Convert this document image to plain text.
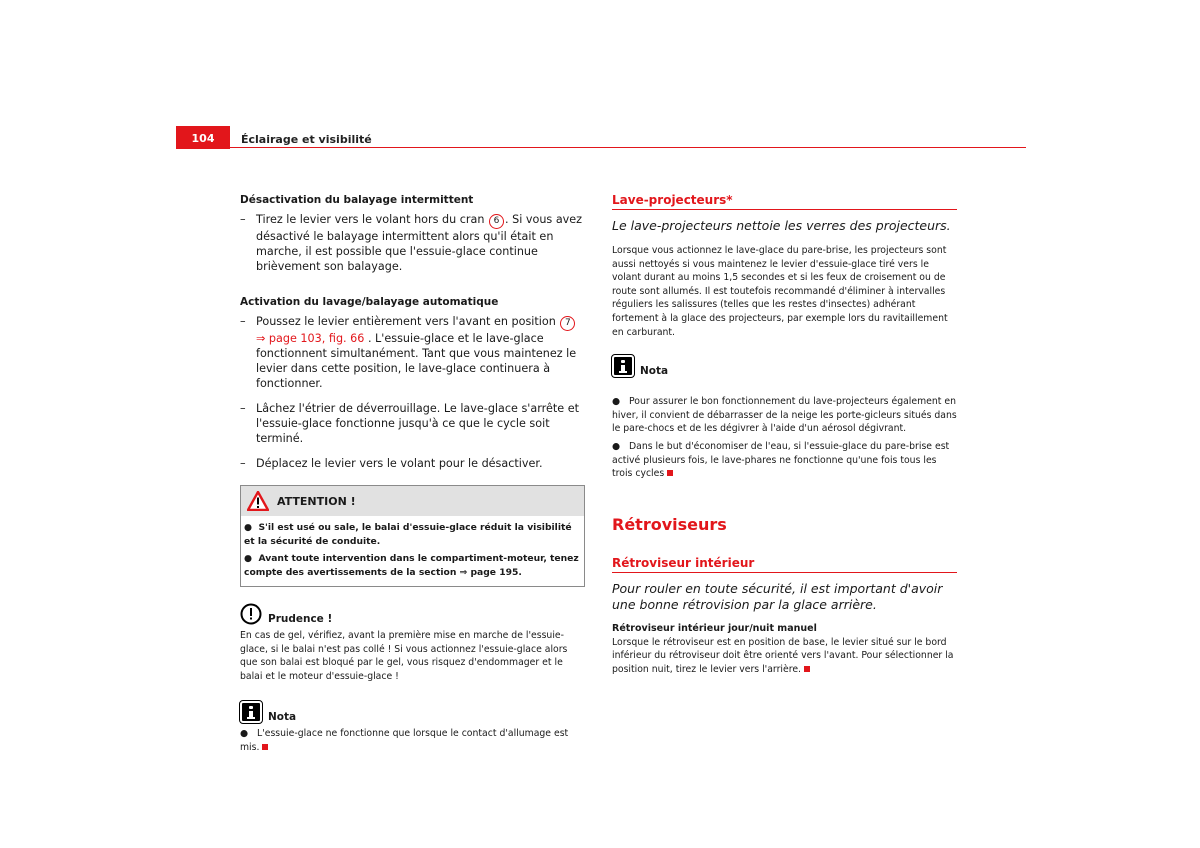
104	Éclairage et visibilité
Désactivation du balayage intermittent
– Tirez le levier vers le volant hors du cran 6 . Si vous avez désactivé le balayage intermittent alors qu'il était en marche, il est possible que l'essuie-glace continue brièvement son balayage.
Activation du lavage/balayage automatique
– Poussez le levier entièrement vers l'avant en position 7
⇒ page 103, fig. 66 . L'essuie-glace et le lave-glace fonctionnent simultanément. Tant que vous maintenez le levier dans cette position, le lave-glace continuera à fonctionner.
– Lâchez l'étrier de déverrouillage. Le lave-glace s'arrête et l'essuie-glace fonctionne jusqu'à ce que le cycle soit terminé.
– Déplacez le levier vers le volant pour le désactiver.
ATTENTION !

● S'il est usé ou sale, le balai d'essuie-glace réduit la visibilité et la sécurité de conduite.

● Avant toute intervention dans le compartiment-moteur, tenez compte des avertissements de la section ⇒ page 195.

Prudence !

En cas de gel, vérifiez, avant la première mise en marche de l'essuie-glace, si le balai n'est pas collé ! Si vous actionnez l'essuie-glace alors que son balai est bloqué par le gel, vous risquez d'endommager et le balai et le moteur d'essuie-glace !

Nota

● L'essuie-glace ne fonctionne que lorsque le contact d'allumage est mis.

Lave-projecteurs*

Le lave-projecteurs nettoie les verres des projecteurs.

Lorsque vous actionnez le lave-glace du pare-brise, les projecteurs sont aussi nettoyés si vous maintenez le levier d'essuie-glace tiré vers le volant durant au moins 1,5 secondes et si les feux de croisement ou de route sont allumés. Il est toutefois recommandé d'éliminer à intervalles réguliers les salissures (telles que les restes d'insectes) adhérant fortement à la glace des projecteurs, par exemple lors du ravitaillement en carburant.

Nota

● Pour assurer le bon fonctionnement du lave-projecteurs également en hiver, il convient de débarrasser de la neige les porte-gicleurs situés dans le pare-chocs et de les dégivrer à l'aide d'un aérosol dégivrant.

● Dans le but d'économiser de l'eau, si l'essuie-glace du pare-brise est activé plusieurs fois, le lave-phares ne fonctionne qu'une fois tous les trois cycles

Rétroviseurs
Rétroviseur intérieur

Pour rouler en toute sécurité, il est important d'avoir une bonne rétrovision par la glace arrière.

Rétroviseur intérieur jour/nuit manuel

Lorsque le rétroviseur est en position de base, le levier situé sur le bord inférieur du rétroviseur doit être orienté vers l'avant. Pour sélectionner la position nuit, tirez le levier vers l'arrière.
